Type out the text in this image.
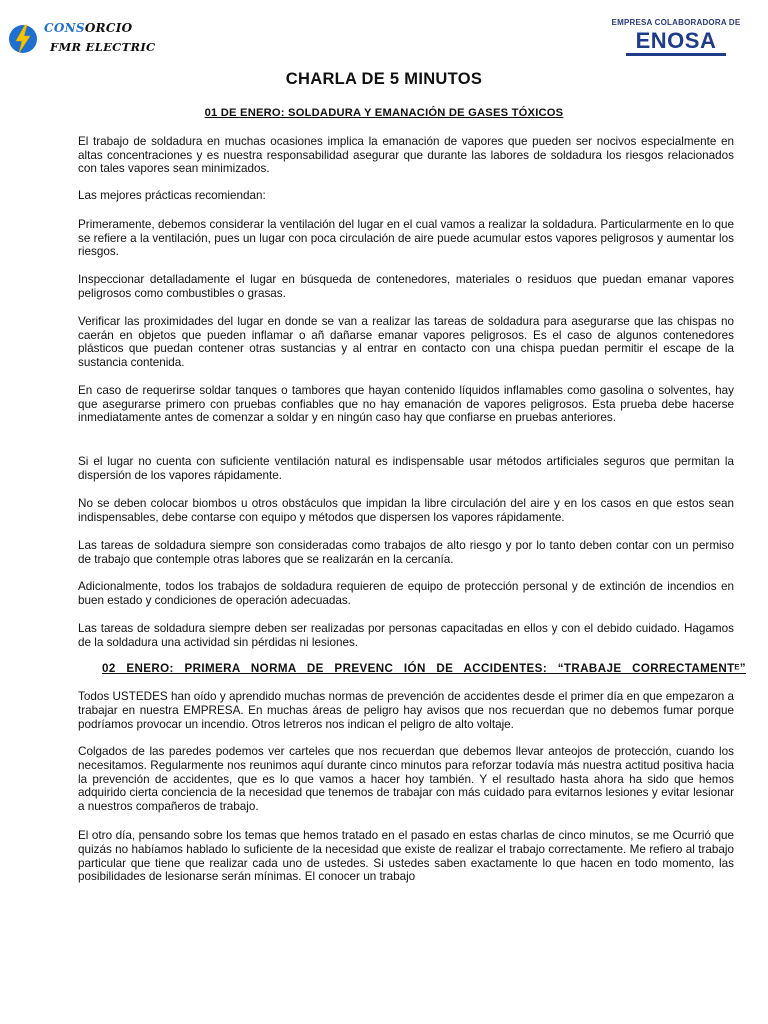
CONSORCIO
FMR ELECTRIC
EMPRESA COLABORADORA DE
ENOSA
CHARLA DE 5 MINUTOS
01 DE ENERO: SOLDADURA Y EMANACIÓN DE GASES TÓXICOS

El trabajo de soldadura en muchas ocasiones implica la emanación de vapores que pueden ser nocivos especialmente en altas concentraciones y es nuestra responsabilidad asegurar que durante las labores de soldadura los riesgos relacionados con tales vapores sean minimizados.

Las mejores prácticas recomiendan:

Primeramente, debemos considerar la ventilación del lugar en el cual vamos a realizar la soldadura. Particularmente en lo que se refiere a la ventilación, pues un lugar con poca circulación de aire puede acumular estos vapores peligrosos y aumentar los riesgos.

Inspeccionar detalladamente el lugar en búsqueda de contenedores, materiales o residuos que puedan emanar vapores peligrosos como combustibles o grasas.

Verificar las proximidades del lugar en donde se van a realizar las tareas de soldadura para asegurarse que las chispas no caerán en objetos que pueden inflamar o añ dañarse emanar vapores peligrosos. Es el caso de algunos contenedores plásticos que puedan contener otras sustancias y al entrar en contacto con una chispa puedan permitir el escape de la sustancia contenida.

En caso de requerirse soldar tanques o tambores que hayan contenido líquidos inflamables como gasolina o solventes, hay que asegurarse primero con pruebas confiables que no hay emanación de vapores peligrosos. Esta prueba debe hacerse inmediatamente antes de comenzar a soldar y en ningún caso hay que confiarse en pruebas anteriores.

Si el lugar no cuenta con suficiente ventilación natural es indispensable usar métodos artificiales seguros que permitan la dispersión de los vapores rápidamente.

No se deben colocar biombos u otros obstáculos que impidan la libre circulación del aire y en los casos en que estos sean indispensables, debe contarse con equipo y métodos que dispersen los vapores rápidamente.

Las tareas de soldadura siempre son consideradas como trabajos de alto riesgo y por lo tanto deben contar con un permiso de trabajo que contemple otras labores que se realizarán en la cercanía.

Adicionalmente, todos los trabajos de soldadura requieren de equipo de protección personal y de extinción de incendios en buen estado y condiciones de operación adecuadas.

Las tareas de soldadura siempre deben ser realizadas por personas capacitadas en ellos y con el debido cuidado. Hagamos de la soldadura una actividad sin pérdidas ni lesiones.

02 ENERO: PRIMERA NORMA DE PREVENC IÓN DE ACCIDENTES: “TRABAJE CORRECTAMENTᴱ”

Todos USTEDES han oído y aprendido muchas normas de prevención de accidentes desde el primer día en que empezaron a trabajar en nuestra EMPRESA. En muchas áreas de peligro hay avisos que nos recuerdan que no debemos fumar porque podríamos provocar un incendio. Otros letreros nos indican el peligro de alto voltaje.

Colgados de las paredes podemos ver carteles que nos recuerdan que debemos llevar anteojos de protección, cuando los necesitamos. Regularmente nos reunimos aquí durante cinco minutos para reforzar todavía más nuestra actitud positiva hacia la prevención de accidentes, que es lo que vamos a hacer hoy también. Y el resultado hasta ahora ha sido que hemos adquirido cierta conciencia de la necesidad que tenemos de trabajar con más cuidado para evitarnos lesiones y evitar lesionar a nuestros compañeros de trabajo.

El otro día, pensando sobre los temas que hemos tratado en el pasado en estas charlas de cinco minutos, se me Ocurrió que quizás no habíamos hablado lo suficiente de la necesidad que existe de realizar el trabajo correctamente. Me refiero al trabajo particular que tiene que realizar cada uno de ustedes. Si ustedes saben exactamente lo que hacen en todo momento, las posibilidades de lesionarse serán mínimas. El conocer un trabajo
